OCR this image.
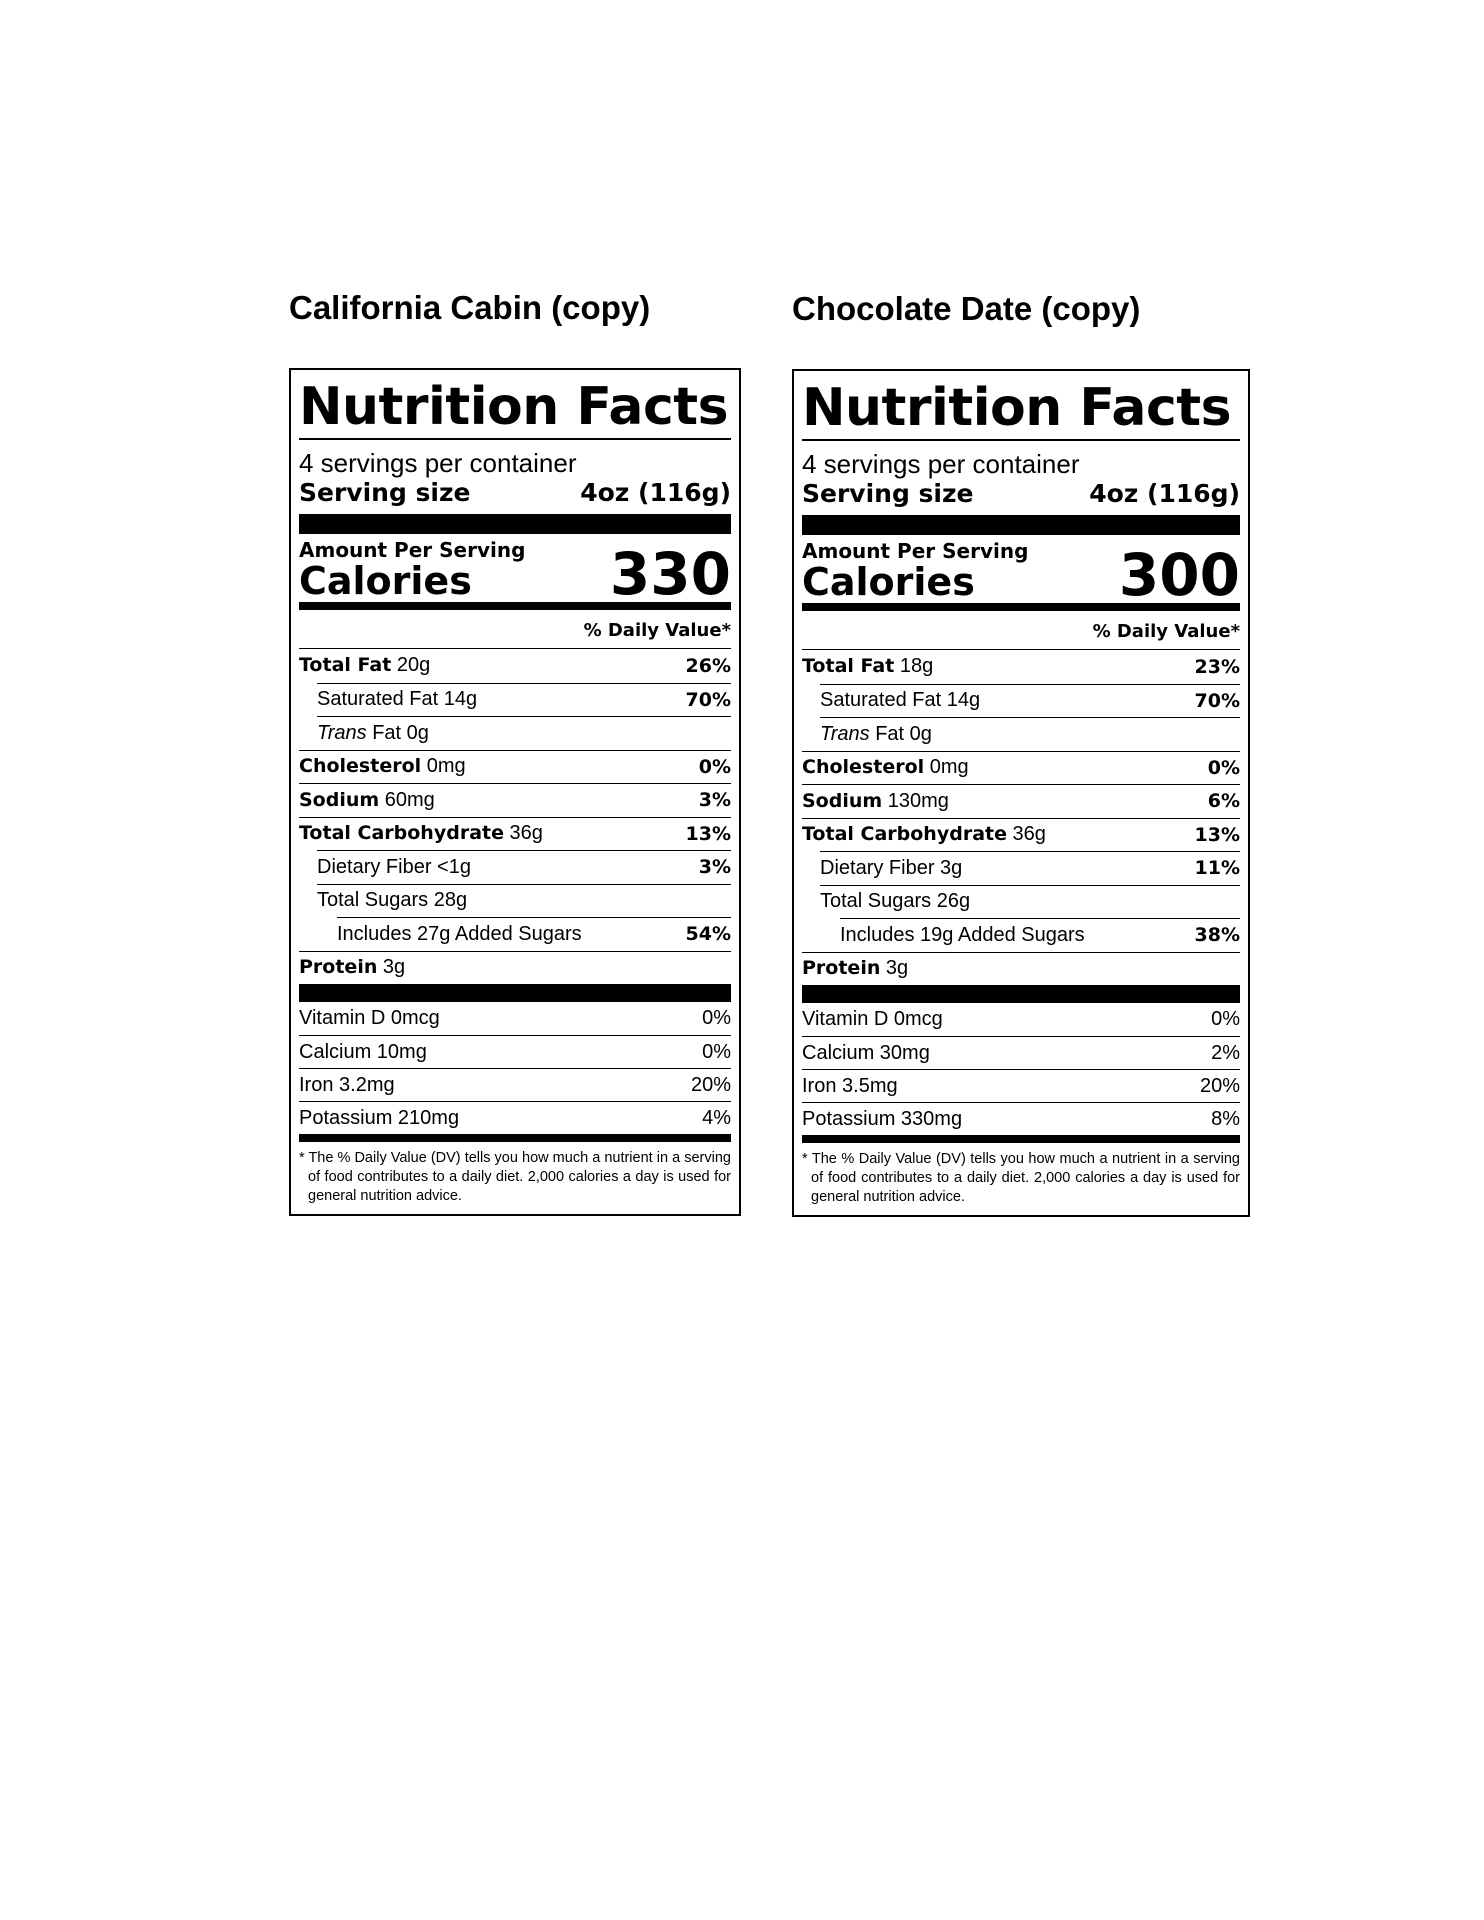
California Cabin (copy)
Nutrition Facts
4 servings per container
Serving size	4oz (116g)
Amount Per Serving
Calories 330
% Daily Value*
Total Fat 20g	26%
Saturated Fat 14g	70%
Trans Fat 0g
Cholesterol 0mg	0%
Sodium 60mg	3%
Total Carbohydrate 36g	13%
Dietary Fiber <1g	3%
Total Sugars 28g
Includes 27g Added Sugars	54%
Protein 3g
Vitamin D 0mcg	0%
Calcium 10mg	0%
Iron 3.2mg	20%
Potassium 210mg	4%
* The % Daily Value (DV) tells you how much a nutrient in a serving of food contributes to a daily diet. 2,000 calories a day is used for general nutrition advice.
Chocolate Date (copy)
Nutrition Facts
4 servings per container
Serving size	4oz (116g)
Amount Per Serving
Calories 300
% Daily Value*
Total Fat 18g	23%
Saturated Fat 14g	70%
Trans Fat 0g
Cholesterol 0mg	0%
Sodium 130mg	6%
Total Carbohydrate 36g	13%
Dietary Fiber 3g	11%
Total Sugars 26g
Includes 19g Added Sugars	38%
Protein 3g
Vitamin D 0mcg	0%
Calcium 30mg	2%
Iron 3.5mg	20%
Potassium 330mg	8%
* The % Daily Value (DV) tells you how much a nutrient in a serving of food contributes to a daily diet. 2,000 calories a day is used for general nutrition advice.
